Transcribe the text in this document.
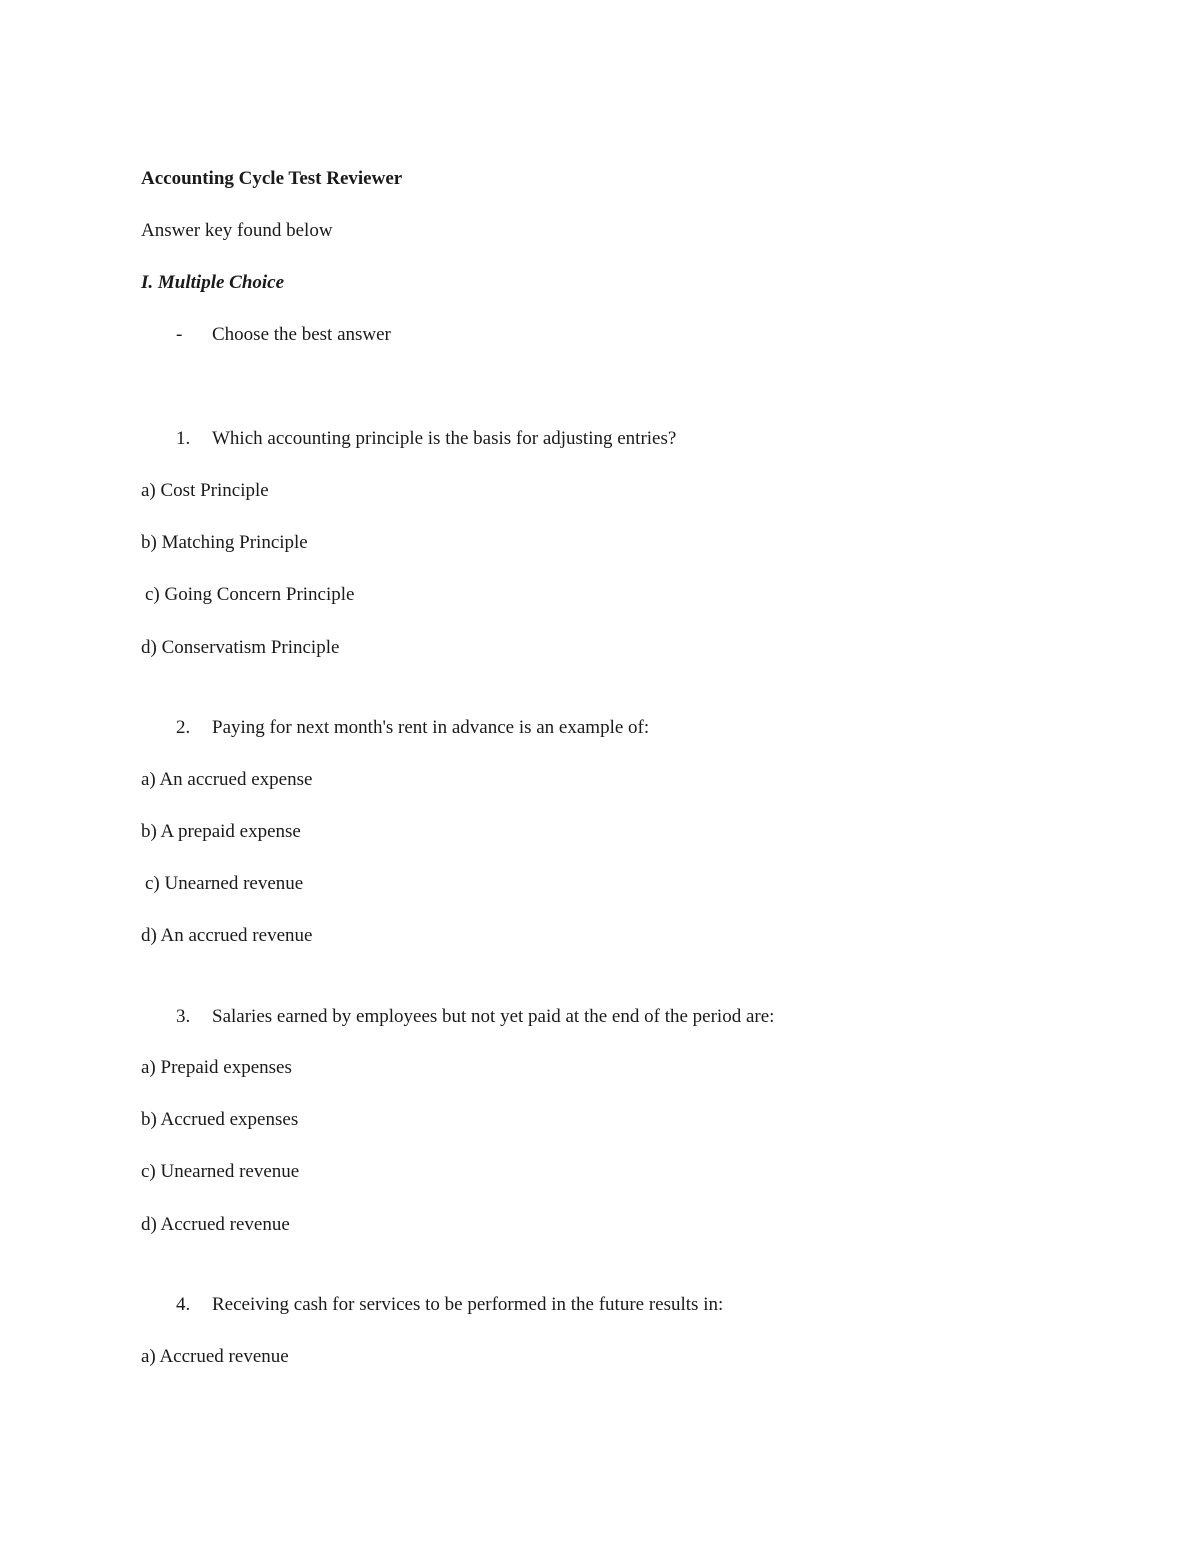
Accounting Cycle Test Reviewer
Answer key found below
I. Multiple Choice
- Choose the best answer
1. Which accounting principle is the basis for adjusting entries?
a) Cost Principle
b) Matching Principle
c) Going Concern Principle
d) Conservatism Principle
2. Paying for next month's rent in advance is an example of:
a) An accrued expense
b) A prepaid expense
c) Unearned revenue
d) An accrued revenue
3. Salaries earned by employees but not yet paid at the end of the period are:
a) Prepaid expenses
b) Accrued expenses
c) Unearned revenue
d) Accrued revenue
4. Receiving cash for services to be performed in the future results in:
a) Accrued revenue
